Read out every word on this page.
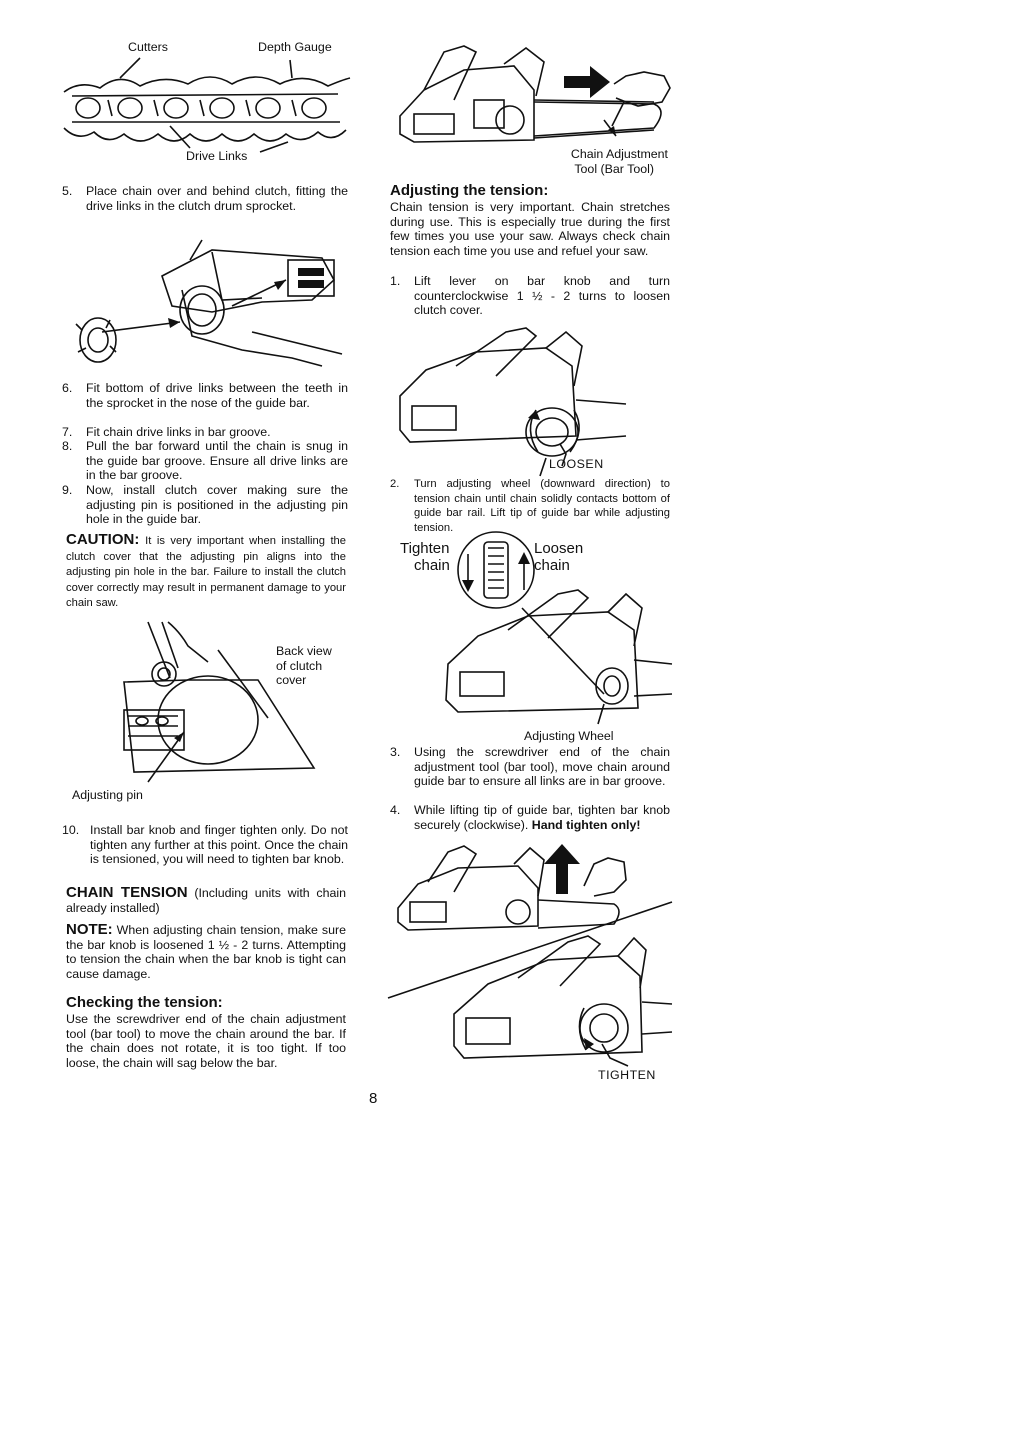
Cutters	Depth Gauge
Drive Links
5.	Place chain over and behind clutch, fitting the drive links in the clutch drum sprocket.
6.	Fit bottom of drive links between the teeth in the sprocket in the nose of the guide bar.
7.	Fit chain drive links in bar groove.
8.	Pull the bar forward until the chain is snug in the guide bar groove. Ensure all drive links are in the bar groove.
9.	Now, install clutch cover making sure the adjusting pin is positioned in the adjusting pin hole in the guide bar.
CAUTION: It is very important when installing the clutch cover that the adjusting pin aligns into the adjusting pin hole in the bar. Failure to install the clutch cover correctly may result in permanent damage to your chain saw.
Back view of clutch cover
Adjusting pin
10. Install bar knob and finger tighten only. Do not tighten any further at this point. Once the chain is tensioned, you will need to tighten bar knob.
CHAIN TENSION (Including units with chain already installed)
NOTE: When adjusting chain tension, make sure the bar knob is loosened 1 ½ - 2 turns. Attempting to tension the chain when the bar knob is tight can cause damage.
Checking the tension:
Use the screwdriver end of the chain adjustment tool (bar tool) to move the chain around the bar. If the chain does not rotate, it is too tight. If too loose, the chain will sag below the bar.
8
Chain Adjustment
Tool (Bar Tool)
Adjusting the tension:
Chain tension is very important. Chain stretches during use. This is especially true during the first few times you use your saw. Always check chain tension each time you use and refuel your saw.
1.	Lift lever on bar knob and turn counterclockwise 1 ½ - 2 turns to loosen clutch cover.
LOOSEN
2.	Turn adjusting wheel (downward direction) to tension chain until chain solidly contacts bottom of guide bar rail. Lift tip of guide bar while adjusting tension.
Tighten
chain
Loosen
chain
Adjusting Wheel
3.	Using the screwdriver end of the chain adjustment tool (bar tool), move chain around guide bar to ensure all links are in bar groove.
4.	While lifting tip of guide bar, tighten bar knob securely (clockwise). Hand tighten only!
TIGHTEN
